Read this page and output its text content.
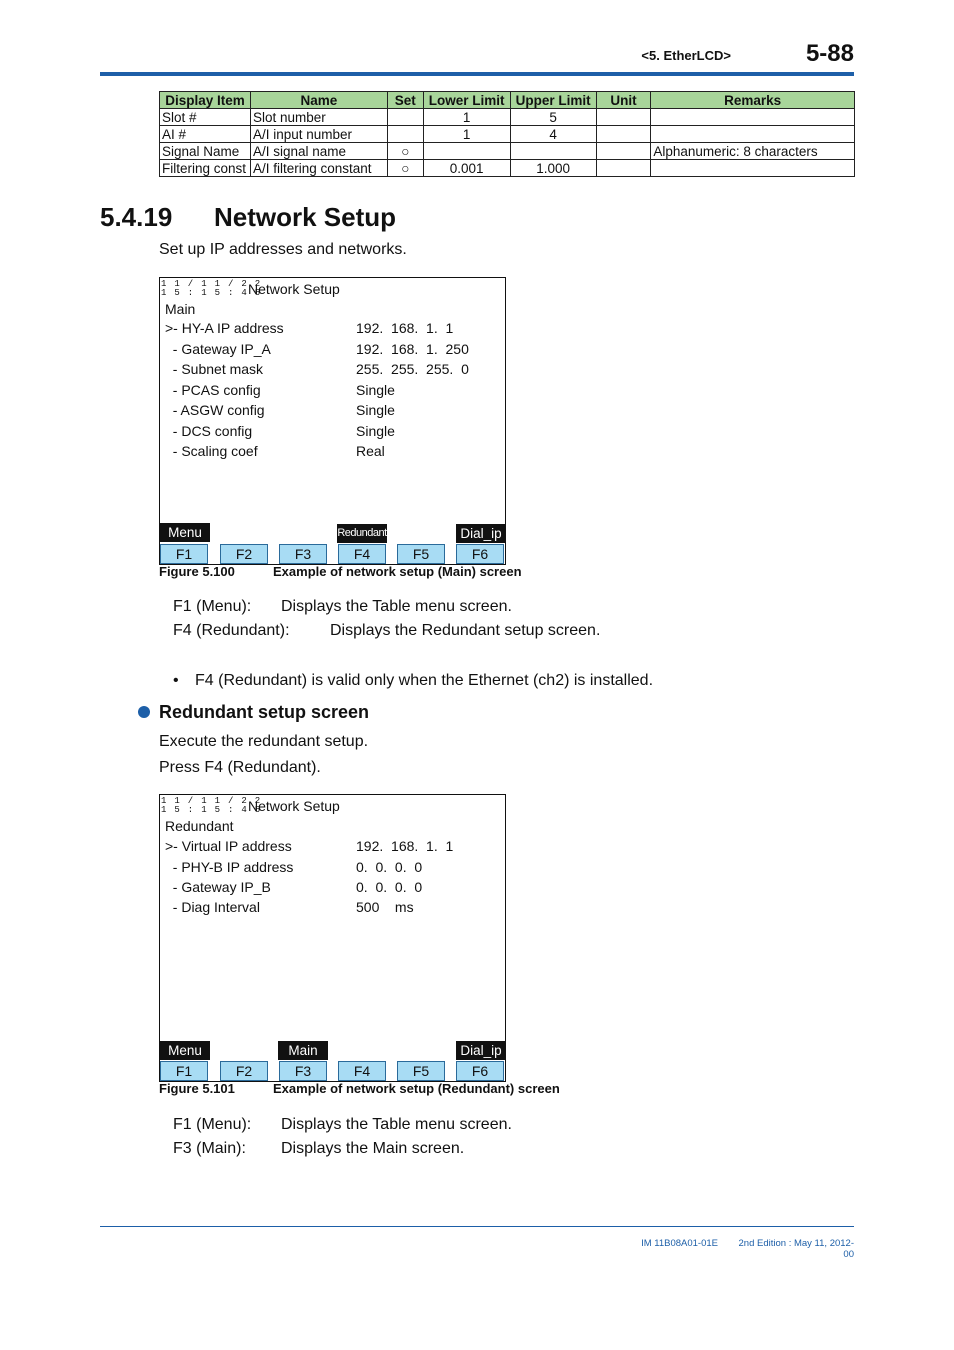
<5. EtherLCD>	5-88
Display Item	Name	Set	Lower Limit	Upper Limit	Unit	Remarks
Slot #	Slot number		1	5		
AI #	A/I input number		1	4		
Signal Name	A/I signal name	○				Alphanumeric: 8 characters
Filtering const	A/I filtering constant	○	0.001	1.000		
5.4.19 Network Setup
Set up IP addresses and networks.
1 1 / 1 1 / 2 2
1 5 : 1 5 : 4 5
Network Setup
Main
>- HY-A IP address	192.  168.  1.  1
- Gateway IP_A	192.  168.  1.  250
- Subnet mask	255.  255.  255.  0
- PCAS config	Single
- ASGW config	Single
- DCS config	Single
- Scaling coef	Real
Menu	Redundant	Dial_ip
F1	F2	F3	F4	F5	F6
Figure 5.100	Example of network setup (Main) screen
F1 (Menu): Displays the Table menu screen.
F4 (Redundant):	Displays the Redundant setup screen.
• F4 (Redundant) is valid only when the Ethernet (ch2) is installed.
Redundant setup screen
Execute the redundant setup.
Press F4 (Redundant).
1 1 / 1 1 / 2 2
1 5 : 1 5 : 4 5
Network Setup
Redundant
>- Virtual IP address	192.  168.  1.  1
- PHY-B IP address	0.  0.  0.  0
- Gateway IP_B	0.  0.  0.  0
- Diag Interval	500    ms
Menu	Main	Dial_ip
F1	F2	F3	F4	F5	F6
Figure 5.101	Example of network setup (Redundant) screen
F1 (Menu): Displays the Table menu screen.
F3 (Main): Displays the Main screen.
IM 11B08A01-01E	2nd Edition : May 11, 2012-00
